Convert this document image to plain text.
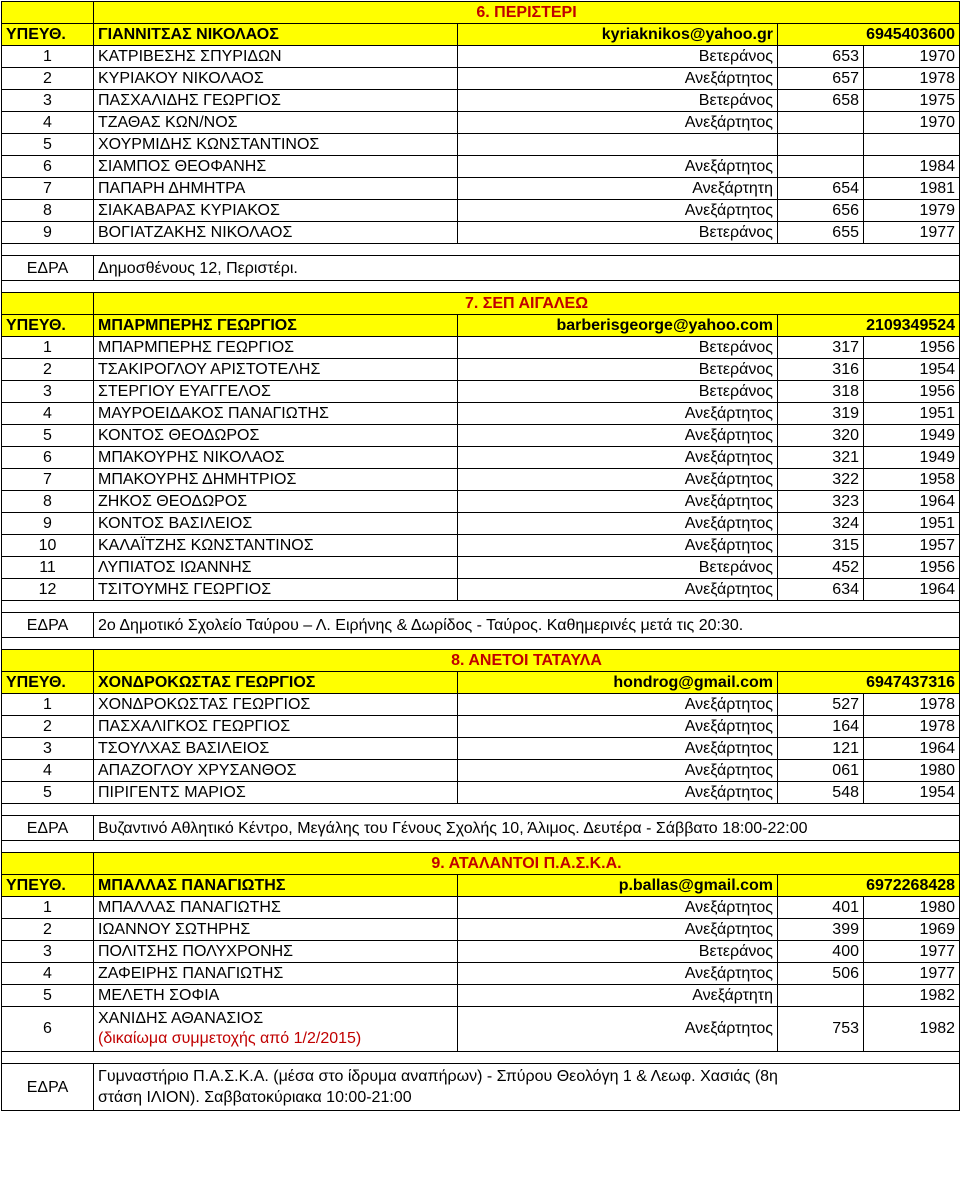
	6. ΠΕΡΙΣΤΕΡΙ			
ΥΠΕΥΘ.	ΓΙΑΝΝΙΤΣΑΣ ΝΙΚΟΛΑΟΣ	kyriaknikos@yahoo.gr	6945403600	
1	ΚΑΤΡΙΒΕΣΗΣ ΣΠΥΡΙΔΩΝ	Βετεράνος	653	1970
2	ΚΥΡΙΑΚΟΥ ΝΙΚΟΛΑΟΣ	Ανεξάρτητος	657	1978
3	ΠΑΣΧΑΛΙΔΗΣ ΓΕΩΡΓΙΟΣ	Βετεράνος	658	1975
4	ΤΖΑΘΑΣ ΚΩΝ/ΝΟΣ	Ανεξάρτητος		1970
5	ΧΟΥΡΜΙΔΗΣ ΚΩΝΣΤΑΝΤΙΝΟΣ			
6	ΣΙΑΜΠΟΣ ΘΕΟΦΑΝΗΣ	Ανεξάρτητος		1984
7	ΠΑΠΑΡΗ ΔΗΜΗΤΡΑ	Ανεξάρτητη	654	1981
8	ΣΙΑΚΑΒΑΡΑΣ ΚΥΡΙΑΚΟΣ	Ανεξάρτητος	656	1979
9	ΒΟΓΙΑΤΖΑΚΗΣ ΝΙΚΟΛΑΟΣ	Βετεράνος	655	1977

ΕΔΡΑ	Δημοσθένους 12, Περιστέρι.			

	7. ΣΕΠ ΑΙΓΑΛΕΩ			
ΥΠΕΥΘ.	ΜΠΑΡΜΠΕΡΗΣ ΓΕΩΡΓΙΟΣ	barberisgeorge@yahoo.com	2109349524	
1	ΜΠΑΡΜΠΕΡΗΣ ΓΕΩΡΓΙΟΣ	Βετεράνος	317	1956
2	ΤΣΑΚΙΡΟΓΛΟΥ ΑΡΙΣΤΟΤΕΛΗΣ	Βετεράνος	316	1954
3	ΣΤΕΡΓΙΟΥ ΕΥΑΓΓΕΛΟΣ	Βετεράνος	318	1956
4	ΜΑΥΡΟΕΙΔΑΚΟΣ ΠΑΝΑΓΙΩΤΗΣ	Ανεξάρτητος	319	1951
5	ΚΟΝΤΟΣ ΘΕΟΔΩΡΟΣ	Ανεξάρτητος	320	1949
6	ΜΠΑΚΟΥΡΗΣ ΝΙΚΟΛΑΟΣ	Ανεξάρτητος	321	1949
7	ΜΠΑΚΟΥΡΗΣ ΔΗΜΗΤΡΙΟΣ	Ανεξάρτητος	322	1958
8	ΖΗΚΟΣ ΘΕΟΔΩΡΟΣ	Ανεξάρτητος	323	1964
9	ΚΟΝΤΟΣ ΒΑΣΙΛΕΙΟΣ	Ανεξάρτητος	324	1951
10	ΚΑΛΑΪΤΖΗΣ ΚΩΝΣΤΑΝΤΙΝΟΣ	Ανεξάρτητος	315	1957
11	ΛΥΠΙΑΤΟΣ ΙΩΑΝΝΗΣ	Βετεράνος	452	1956
12	ΤΣΙΤΟΥΜΗΣ ΓΕΩΡΓΙΟΣ	Ανεξάρτητος	634	1964

ΕΔΡΑ	2ο Δημοτικό Σχολείο Ταύρου – Λ. Ειρήνης & Δωρίδος - Ταύρος. Καθημερινές μετά τις 20:30.			

	8. ΑΝΕΤΟΙ ΤΑΤΑΥΛΑ			
ΥΠΕΥΘ.	ΧΟΝΔΡΟΚΩΣΤΑΣ ΓΕΩΡΓΙΟΣ	hondrog@gmail.com	6947437316	
1	ΧΟΝΔΡΟΚΩΣΤΑΣ ΓΕΩΡΓΙΟΣ	Ανεξάρτητος	527	1978
2	ΠΑΣΧΑΛΙΓΚΟΣ ΓΕΩΡΓΙΟΣ	Ανεξάρτητος	164	1978
3	ΤΣΟΥΛΧΑΣ ΒΑΣΙΛΕΙΟΣ	Ανεξάρτητος	121	1964
4	ΑΠΑΖΟΓΛΟΥ ΧΡΥΣΑΝΘΟΣ	Ανεξάρτητος	061	1980
5	ΠΙΡΙΓΕΝΤΣ ΜΑΡΙΟΣ	Ανεξάρτητος	548	1954

ΕΔΡΑ	Βυζαντινό Αθλητικό Κέντρο, Μεγάλης του Γένους Σχολής 10, Άλιμος. Δευτέρα - Σάββατο 18:00-22:00			

	9. ΑΤΑΛΑΝΤΟΙ Π.Α.Σ.Κ.Α.			
ΥΠΕΥΘ.	ΜΠΑΛΛΑΣ ΠΑΝΑΓΙΩΤΗΣ	p.ballas@gmail.com	6972268428	
1	ΜΠΑΛΛΑΣ ΠΑΝΑΓΙΩΤΗΣ	Ανεξάρτητος	401	1980
2	ΙΩΑΝΝΟΥ ΣΩΤΗΡΗΣ	Ανεξάρτητος	399	1969
3	ΠΟΛΙΤΣΗΣ ΠΟΛΥΧΡΟΝΗΣ	Βετεράνος	400	1977
4	ΖΑΦΕΙΡΗΣ ΠΑΝΑΓΙΩΤΗΣ	Ανεξάρτητος	506	1977
5	ΜΕΛΕΤΗ ΣΟΦΙΑ	Ανεξάρτητη		1982
6	ΧΑΝΙΔΗΣ ΑΘΑΝΑΣΙΟΣ
(δικαίωμα συμμετοχής από 1/2/2015)	Ανεξάρτητος	753	1982

ΕΔΡΑ	Γυμναστήριο Π.Α.Σ.Κ.Α. (μέσα στο ίδρυμα αναπήρων) - Σπύρου Θεολόγη 1 & Λεωφ. Χασιάς (8η
στάση ΙΛΙΟΝ). Σαββατοκύριακα 10:00-21:00			
